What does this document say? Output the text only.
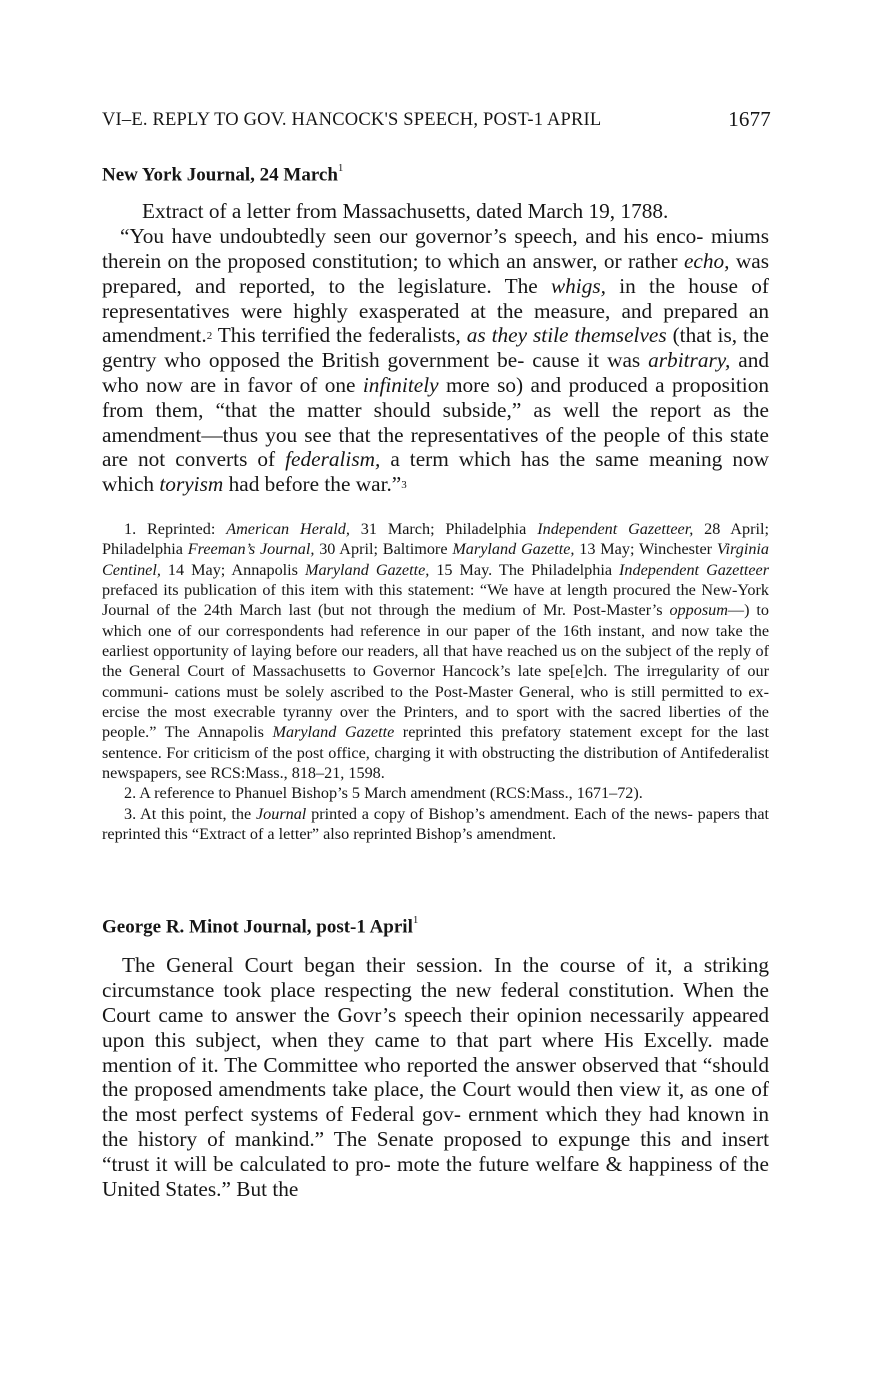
VI–E. REPLY TO GOV. HANCOCK'S SPEECH, POST-1 APRIL	1677
New York Journal, 24 March$^1$

Extract of a letter from Massachusetts, dated March 19, 1788.

“You have undoubtedly seen our governor’s speech, and his enco- miums therein on the proposed constitution; to which an answer, or rather echo, was prepared, and reported, to the legislature. The whigs, in the house of representatives were highly exasperated at the measure, and prepared an amendment.$^2$ This terrified the federalists, as they stile themselves (that is, the gentry who opposed the British government be- cause it was arbitrary, and who now are in favor of one infinitely more so) and produced a proposition from them, “that the matter should subside,” as well the report as the amendment—thus you see that the representatives of the people of this state are not converts of federalism, a term which has the same meaning now which toryism had before the war.”$^3$

1. Reprinted: American Herald, 31 March; Philadelphia Independent Gazetteer, 28 April; Philadelphia Freeman’s Journal, 30 April; Baltimore Maryland Gazette, 13 May; Winchester Virginia Centinel, 14 May; Annapolis Maryland Gazette, 15 May. The Philadelphia Independent Gazetteer prefaced its publication of this item with this statement: “We have at length procured the New-York Journal of the 24th March last (but not through the medium of Mr. Post-Master’s opposum—) to which one of our correspondents had reference in our paper of the 16th instant, and now take the earliest opportunity of laying before our readers, all that have reached us on the subject of the reply of the General Court of Massachusetts to Governor Hancock’s late spe[e]ch. The irregularity of our communi- cations must be solely ascribed to the Post-Master General, who is still permitted to ex- ercise the most execrable tyranny over the Printers, and to sport with the sacred liberties of the people.” The Annapolis Maryland Gazette reprinted this prefatory statement except for the last sentence. For criticism of the post office, charging it with obstructing the distribution of Antifederalist newspapers, see RCS:Mass., 818–21, 1598.

2. A reference to Phanuel Bishop’s 5 March amendment (RCS:Mass., 1671–72).

3. At this point, the Journal printed a copy of Bishop’s amendment. Each of the news- papers that reprinted this “Extract of a letter” also reprinted Bishop’s amendment.

George R. Minot Journal, post-1 April$^1$

The General Court began their session. In the course of it, a striking circumstance took place respecting the new federal constitution. When the Court came to answer the Govr’s speech their opinion necessarily appeared upon this subject, when they came to that part where His Excelly. made mention of it. The Committee who reported the answer observed that “should the proposed amendments take place, the Court would then view it, as one of the most perfect systems of Federal gov- ernment which they had known in the history of mankind.” The Senate proposed to expunge this and insert “trust it will be calculated to pro- mote the future welfare & happiness of the United States.” But the
